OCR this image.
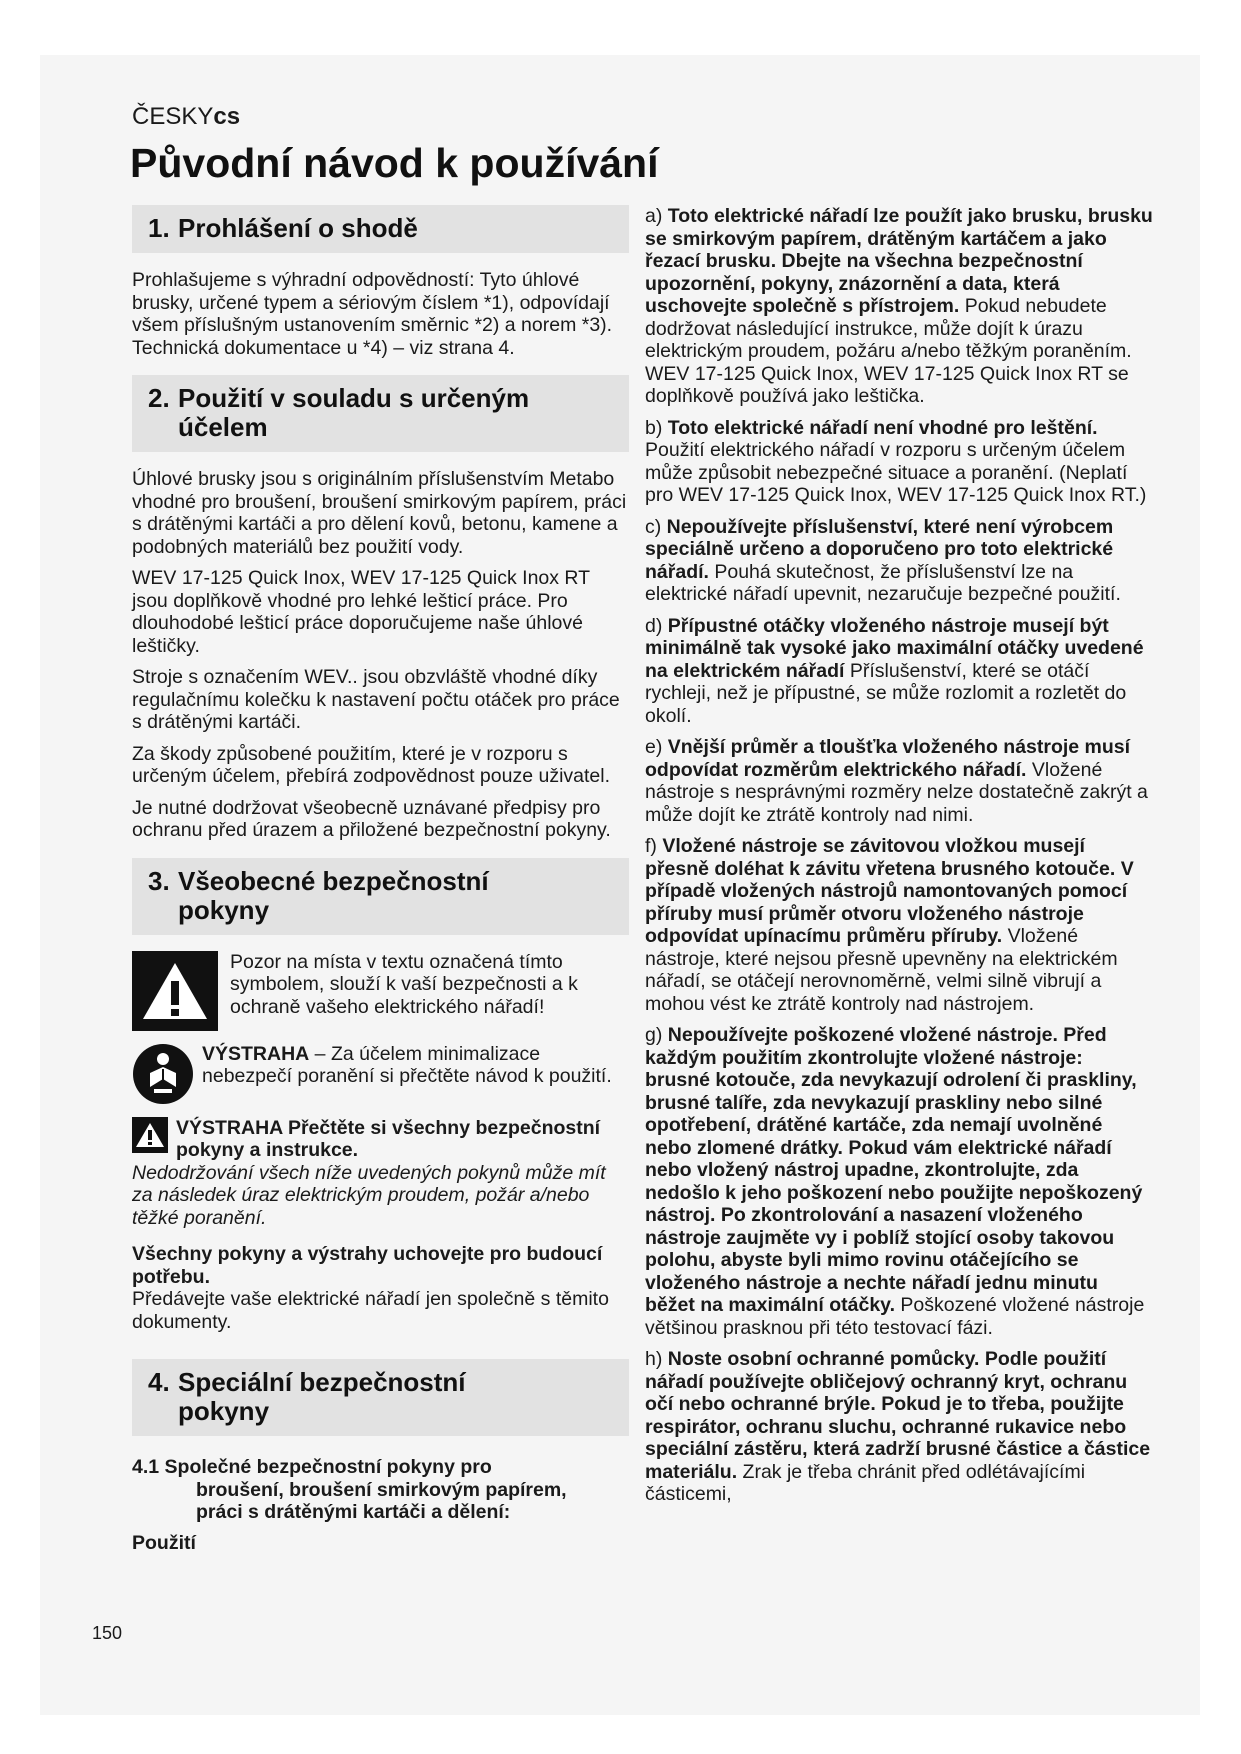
ČESKYcs
Původní návod k používání
1. Prohlášení o shodě

Prohlašujeme s výhradní odpovědností: Tyto úhlové brusky, určené typem a sériovým číslem *1), odpovídají všem příslušným ustanovením směrnic *2) a norem *3). Technická dokumentace u *4) – viz strana 4.

2. Použití v souladu s určeným
účelem

Úhlové brusky jsou s originálním příslušenstvím Metabo vhodné pro broušení, broušení smirkovým papírem, práci s drátěnými kartáči a pro dělení kovů, betonu, kamene a podobných materiálů bez použití vody.

WEV 17-125 Quick Inox, WEV 17-125 Quick Inox RT jsou doplňkově vhodné pro lehké lešticí práce. Pro dlouhodobé lešticí práce doporučujeme naše úhlové leštičky.

Stroje s označením WEV.. jsou obzvláště vhodné díky regulačnímu kolečku k nastavení počtu otáček pro práce s drátěnými kartáči.

Za škody způsobené použitím, které je v rozporu s určeným účelem, přebírá zodpovědnost pouze uživatel.

Je nutné dodržovat všeobecně uznávané předpisy pro ochranu před úrazem a přiložené bezpečnostní pokyny.

3. Všeobecné bezpečnostní
pokyny
Pozor na místa v textu označená tímto symbolem, slouží k vaší bezpečnosti a k ochraně vašeho elektrického nářadí!
VÝSTRAHA – Za účelem minimalizace nebezpečí poranění si přečtěte návod k použití.
VÝSTRAHA Přečtěte si všechny bezpečnostní pokyny a instrukce.

Nedodržování všech níže uvedených pokynů může mít za následek úraz elektrickým proudem, požár a/nebo těžké poranění.

Všechny pokyny a výstrahy uchovejte pro budoucí potřebu.

Předávejte vaše elektrické nářadí jen společně s těmito dokumenty.

4. Speciální bezpečnostní
pokyny
4.1 Společné bezpečnostní pokyny pro
broušení, broušení smirkovým papírem,
práci s drátěnými kartáči a dělení:

Použití

a) Toto elektrické nářadí lze použít jako brusku, brusku se smirkovým papírem, drátěným kartáčem a jako řezací brusku. Dbejte na všechna bezpečnostní upozornění, pokyny, znázornění a data, která uschovejte společně s přístrojem. Pokud nebudete dodržovat následující instrukce, může dojít k úrazu elektrickým proudem, požáru a/nebo těžkým poraněním. WEV 17-125 Quick Inox, WEV 17-125 Quick Inox RT se doplňkově používá jako leštička.

b) Toto elektrické nářadí není vhodné pro leštění. Použití elektrického nářadí v rozporu s určeným účelem může způsobit nebezpečné situace a poranění. (Neplatí pro WEV 17-125 Quick Inox, WEV 17-125 Quick Inox RT.)

c) Nepoužívejte příslušenství, které není výrobcem speciálně určeno a doporučeno pro toto elektrické nářadí. Pouhá skutečnost, že příslušenství lze na elektrické nářadí upevnit, nezaručuje bezpečné použití.

d) Přípustné otáčky vloženého nástroje musejí být minimálně tak vysoké jako maximální otáčky uvedené na elektrickém nářadí Příslušenství, které se otáčí rychleji, než je přípustné, se může rozlomit a rozletět do okolí.

e) Vnější průměr a tloušťka vloženého nástroje musí odpovídat rozměrům elektrického nářadí. Vložené nástroje s nesprávnými rozměry nelze dostatečně zakrýt a může dojít ke ztrátě kontroly nad nimi.

f) Vložené nástroje se závitovou vložkou musejí přesně doléhat k závitu vřetena brusného kotouče. V případě vložených nástrojů namontovaných pomocí příruby musí průměr otvoru vloženého nástroje odpovídat upínacímu průměru příruby. Vložené nástroje, které nejsou přesně upevněny na elektrickém nářadí, se otáčejí nerovnoměrně, velmi silně vibrují a mohou vést ke ztrátě kontroly nad nástrojem.

g) Nepoužívejte poškozené vložené nástroje. Před každým použitím zkontrolujte vložené nástroje: brusné kotouče, zda nevykazují odrolení či praskliny, brusné talíře, zda nevykazují praskliny nebo silné opotřebení, drátěné kartáče, zda nemají uvolněné nebo zlomené drátky. Pokud vám elektrické nářadí nebo vložený nástroj upadne, zkontrolujte, zda nedošlo k jeho poškození nebo použijte nepoškozený nástroj. Po zkontrolování a nasazení vloženého nástroje zaujměte vy i poblíž stojící osoby takovou polohu, abyste byli mimo rovinu otáčejícího se vloženého nástroje a nechte nářadí jednu minutu běžet na maximální otáčky. Poškozené vložené nástroje většinou prasknou při této testovací fázi.

h) Noste osobní ochranné pomůcky. Podle použití nářadí používejte obličejový ochranný kryt, ochranu očí nebo ochranné brýle. Pokud je to třeba, použijte respirátor, ochranu sluchu, ochranné rukavice nebo speciální zástěru, která zadrží brusné částice a částice materiálu. Zrak je třeba chránit před odlétávajícími částicemi,

150
